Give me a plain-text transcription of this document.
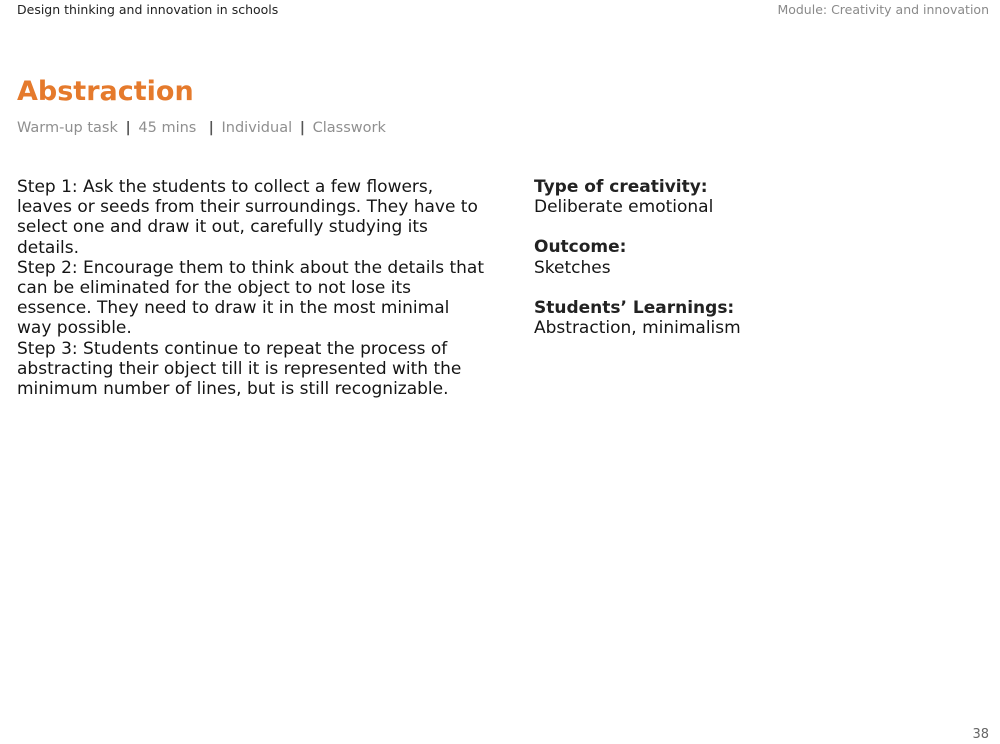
Design thinking and innovation in schools	Module: Creativity and innovation
Abstraction
Warm-up task | 45 mins | Individual | Classwork

Step 1: Ask the students to collect a few flowers, leaves or seeds from their surroundings. They have to select one and draw it out, carefully studying its details.

Step 2: Encourage them to think about the details that can be eliminated for the object to not lose its essence. They need to draw it in the most minimal way possible.

Step 3: Students continue to repeat the process of abstracting their object till it is represented with the minimum number of lines, but is still recognizable.

Type of creativity:
Deliberate emotional
Outcome:
Sketches
Students’ Learnings:
Abstraction, minimalism
38
